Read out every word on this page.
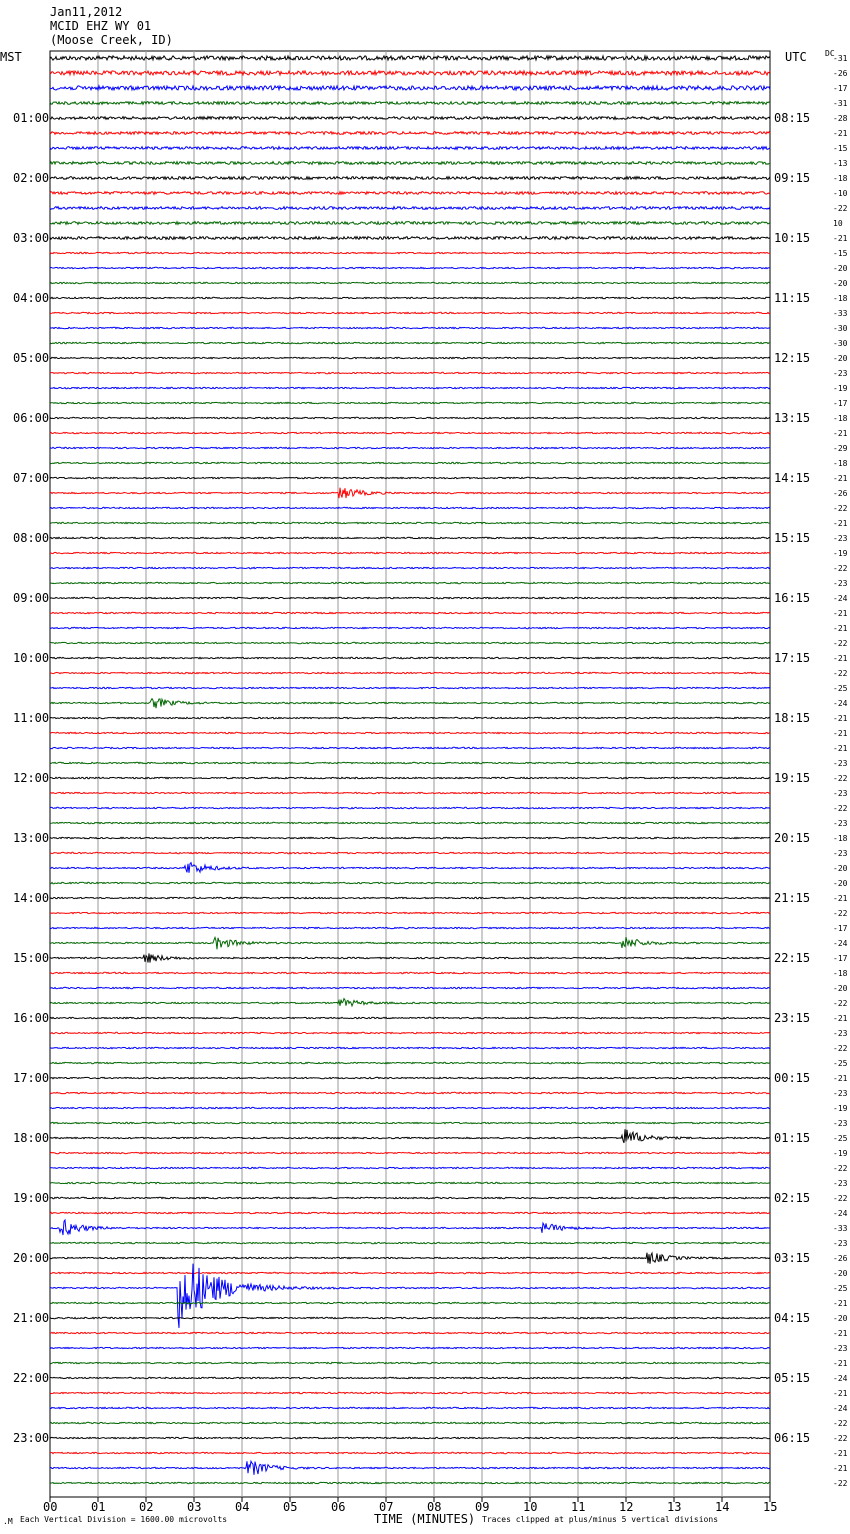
Jan11,2012
MCID EHZ WY 01
(Moose Creek, ID)
MST	UTC DC
-31
-26
-17
-31
-28
-21
-15
-13
-18
-10
-22
10
-21
-15
-20
-20
-18
-33
-30
-30
-20
-23
-19
-17
-18
-21
-29
-18
-21
-26
-22
-21
-23
-19
-22
-23
-24
-21
-21
-22
-21
-22
-25
-24
-21
-21
-21
-23
-22
-23
-22
-23
-18
-23
-20
-20
-21
-22
-17
-24
-17
-18
-20
-22
-21
-23
-22
-25
-21
-23
-19
-23
-25
-19
-22
-23
-22
-24
-33
-23
-26
-20
-25
-21
-20
-21
-23
-21
-24
-21
-24
-22
-22
-21
-21
-22
01:00
02:00
03:00
04:00
05:00
06:00
07:00
08:00
09:00
10:00
11:00
12:00
13:00
14:00
15:00
16:00
17:00
18:00
19:00
20:00
21:00
22:00
23:00
08:15
09:15
10:15
11:15
12:15
13:15
14:15
15:15
16:15
17:15
18:15
19:15
20:15
21:15
22:15
23:15
00:15
01:15
02:15
03:15
04:15
05:15
06:15
00	01	02	03	04	05	06	07	08	09	10	11	12	13	14	15
.M Each Vertical Division = 1600.00 microvolts	TIME (MINUTES) Traces clipped at plus/minus 5 vertical divisions
